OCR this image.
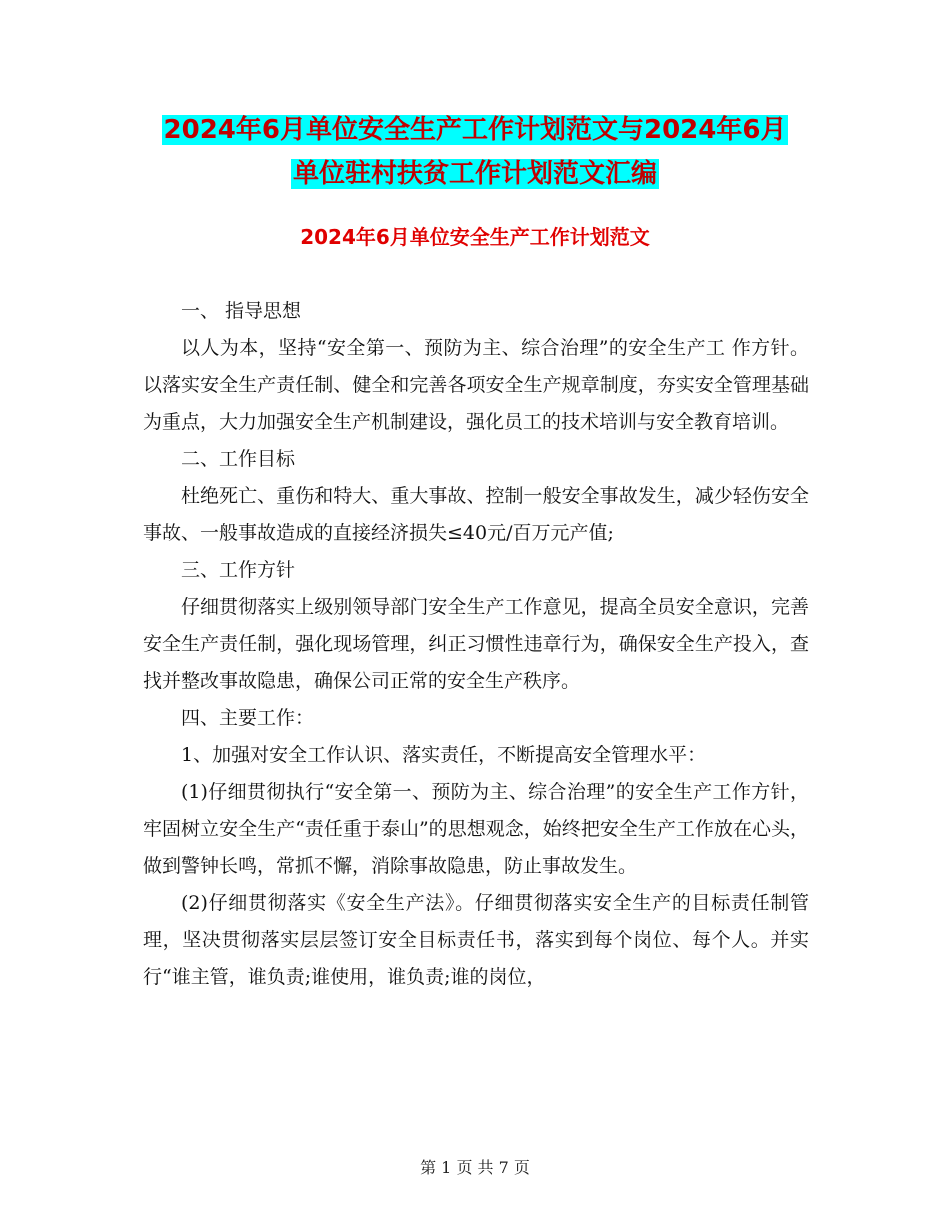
2024年6月单位安全生产工作计划范文与2024年6月
单位驻村扶贫工作计划范文汇编
2024年6月单位安全生产工作计划范文

一、 指导思想

以人为本，坚持“安全第一、预防为主、综合治理”的安全生产工 作方针。以落实安全生产责任制、健全和完善各项安全生产规章制度，夯实安全管理基础为重点，大力加强安全生产机制建设，强化员工的技术培训与安全教育培训。

二、工作目标

杜绝死亡、重伤和特大、重大事故、控制一般安全事故发生，减少轻伤安全事故、一般事故造成的直接经济损失≤40元/百万元产值;

三、工作方针

仔细贯彻落实上级别领导部门安全生产工作意见，提高全员安全意识，完善安全生产责任制，强化现场管理，纠正习惯性违章行为，确保安全生产投入，查找并整改事故隐患，确保公司正常的安全生产秩序。

四、主要工作：

1、加强对安全工作认识、落实责任，不断提高安全管理水平：

(1)仔细贯彻执行“安全第一、预防为主、综合治理”的安全生产工作方针，牢固树立安全生产“责任重于泰山”的思想观念，始终把安全生产工作放在心头，做到警钟长鸣，常抓不懈，消除事故隐患，防止事故发生。

(2)仔细贯彻落实《安全生产法》。仔细贯彻落实安全生产的目标责任制管理，坚决贯彻落实层层签订安全目标责任书，落实到每个岗位、每个人。并实行“谁主管，谁负责;谁使用，谁负责;谁的岗位，

第 1 页 共 7 页
